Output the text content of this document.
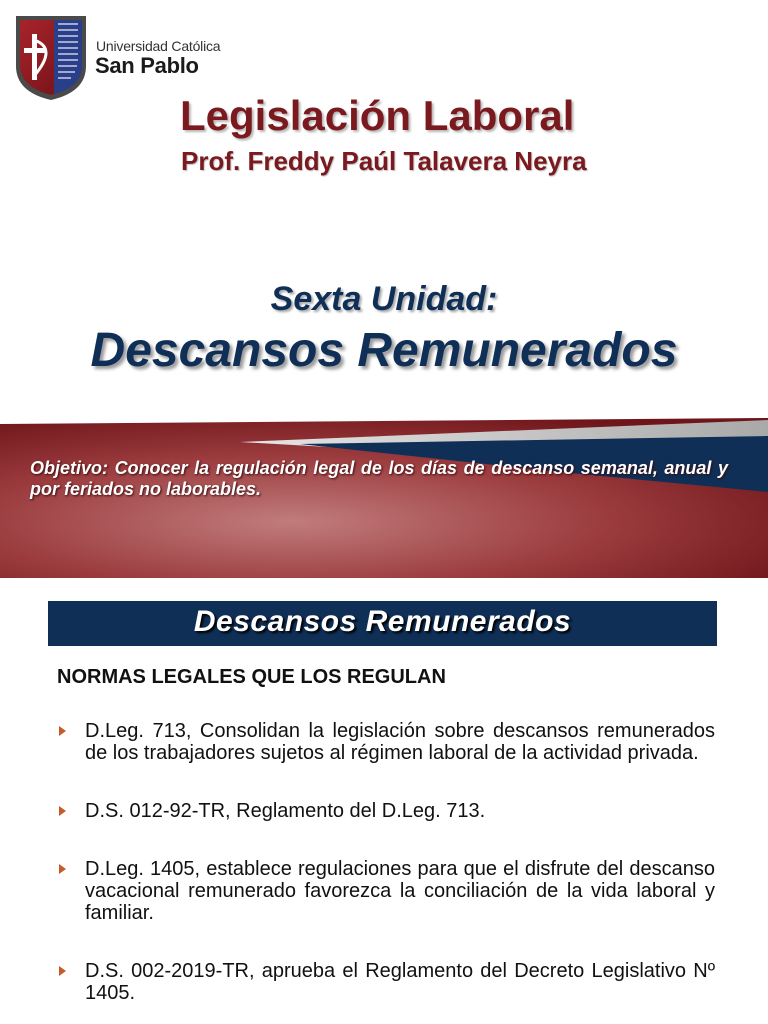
Universidad Católica
San Pablo
Legislación Laboral
Prof. Freddy Paúl Talavera Neyra
Sexta Unidad:
Descansos Remunerados
Objetivo: Conocer la regulación legal de los días de descanso semanal, anual y por feriados no laborables.
Descansos Remunerados
NORMAS LEGALES QUE LOS REGULAN
D.Leg. 713, Consolidan la legislación sobre descansos remunerados de los trabajadores sujetos al régimen laboral de la actividad privada.
D.S. 012-92-TR, Reglamento del D.Leg. 713.
D.Leg. 1405, establece regulaciones para que el disfrute del descanso vacacional remunerado favorezca la conciliación de la vida laboral y familiar.
D.S. 002-2019-TR, aprueba el Reglamento del Decreto Legislativo Nº 1405.
